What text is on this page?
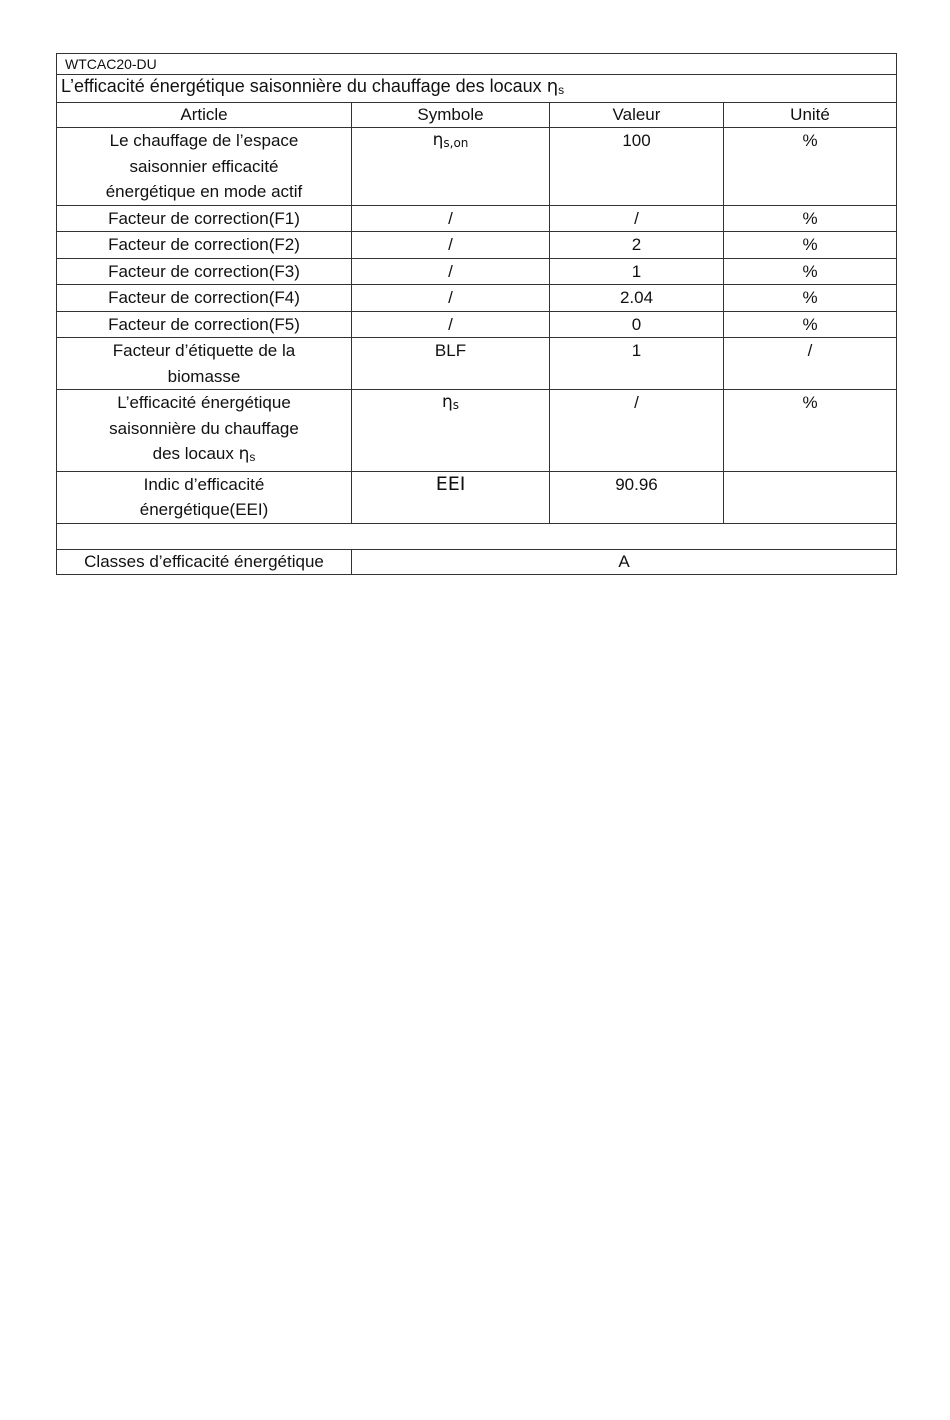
WTCAC20-DU			
L’efficacité énergétique saisonnière du chauffage des locaux ηs			
Article	Symbole	Valeur	Unité

Le chauffage de l’espace
saisonnier efficacité
énergétique en mode actif	ηs,on	100	%
Facteur de correction(F1)	/	/	%
Facteur de correction(F2)	/	2	%
Facteur de correction(F3)	/	1	%
Facteur de correction(F4)	/	2.04	%
Facteur de correction(F5)	/	0	%

Facteur d’étiquette de la
biomasse	BLF	1	/

L’efficacité énergétique
saisonnière du chauffage
des locaux ηs	ηs	/	%

Indic d’efficacité
énergétique(EEI)	EEI	90.96	

Classes d’efficacité énergétique	A		
